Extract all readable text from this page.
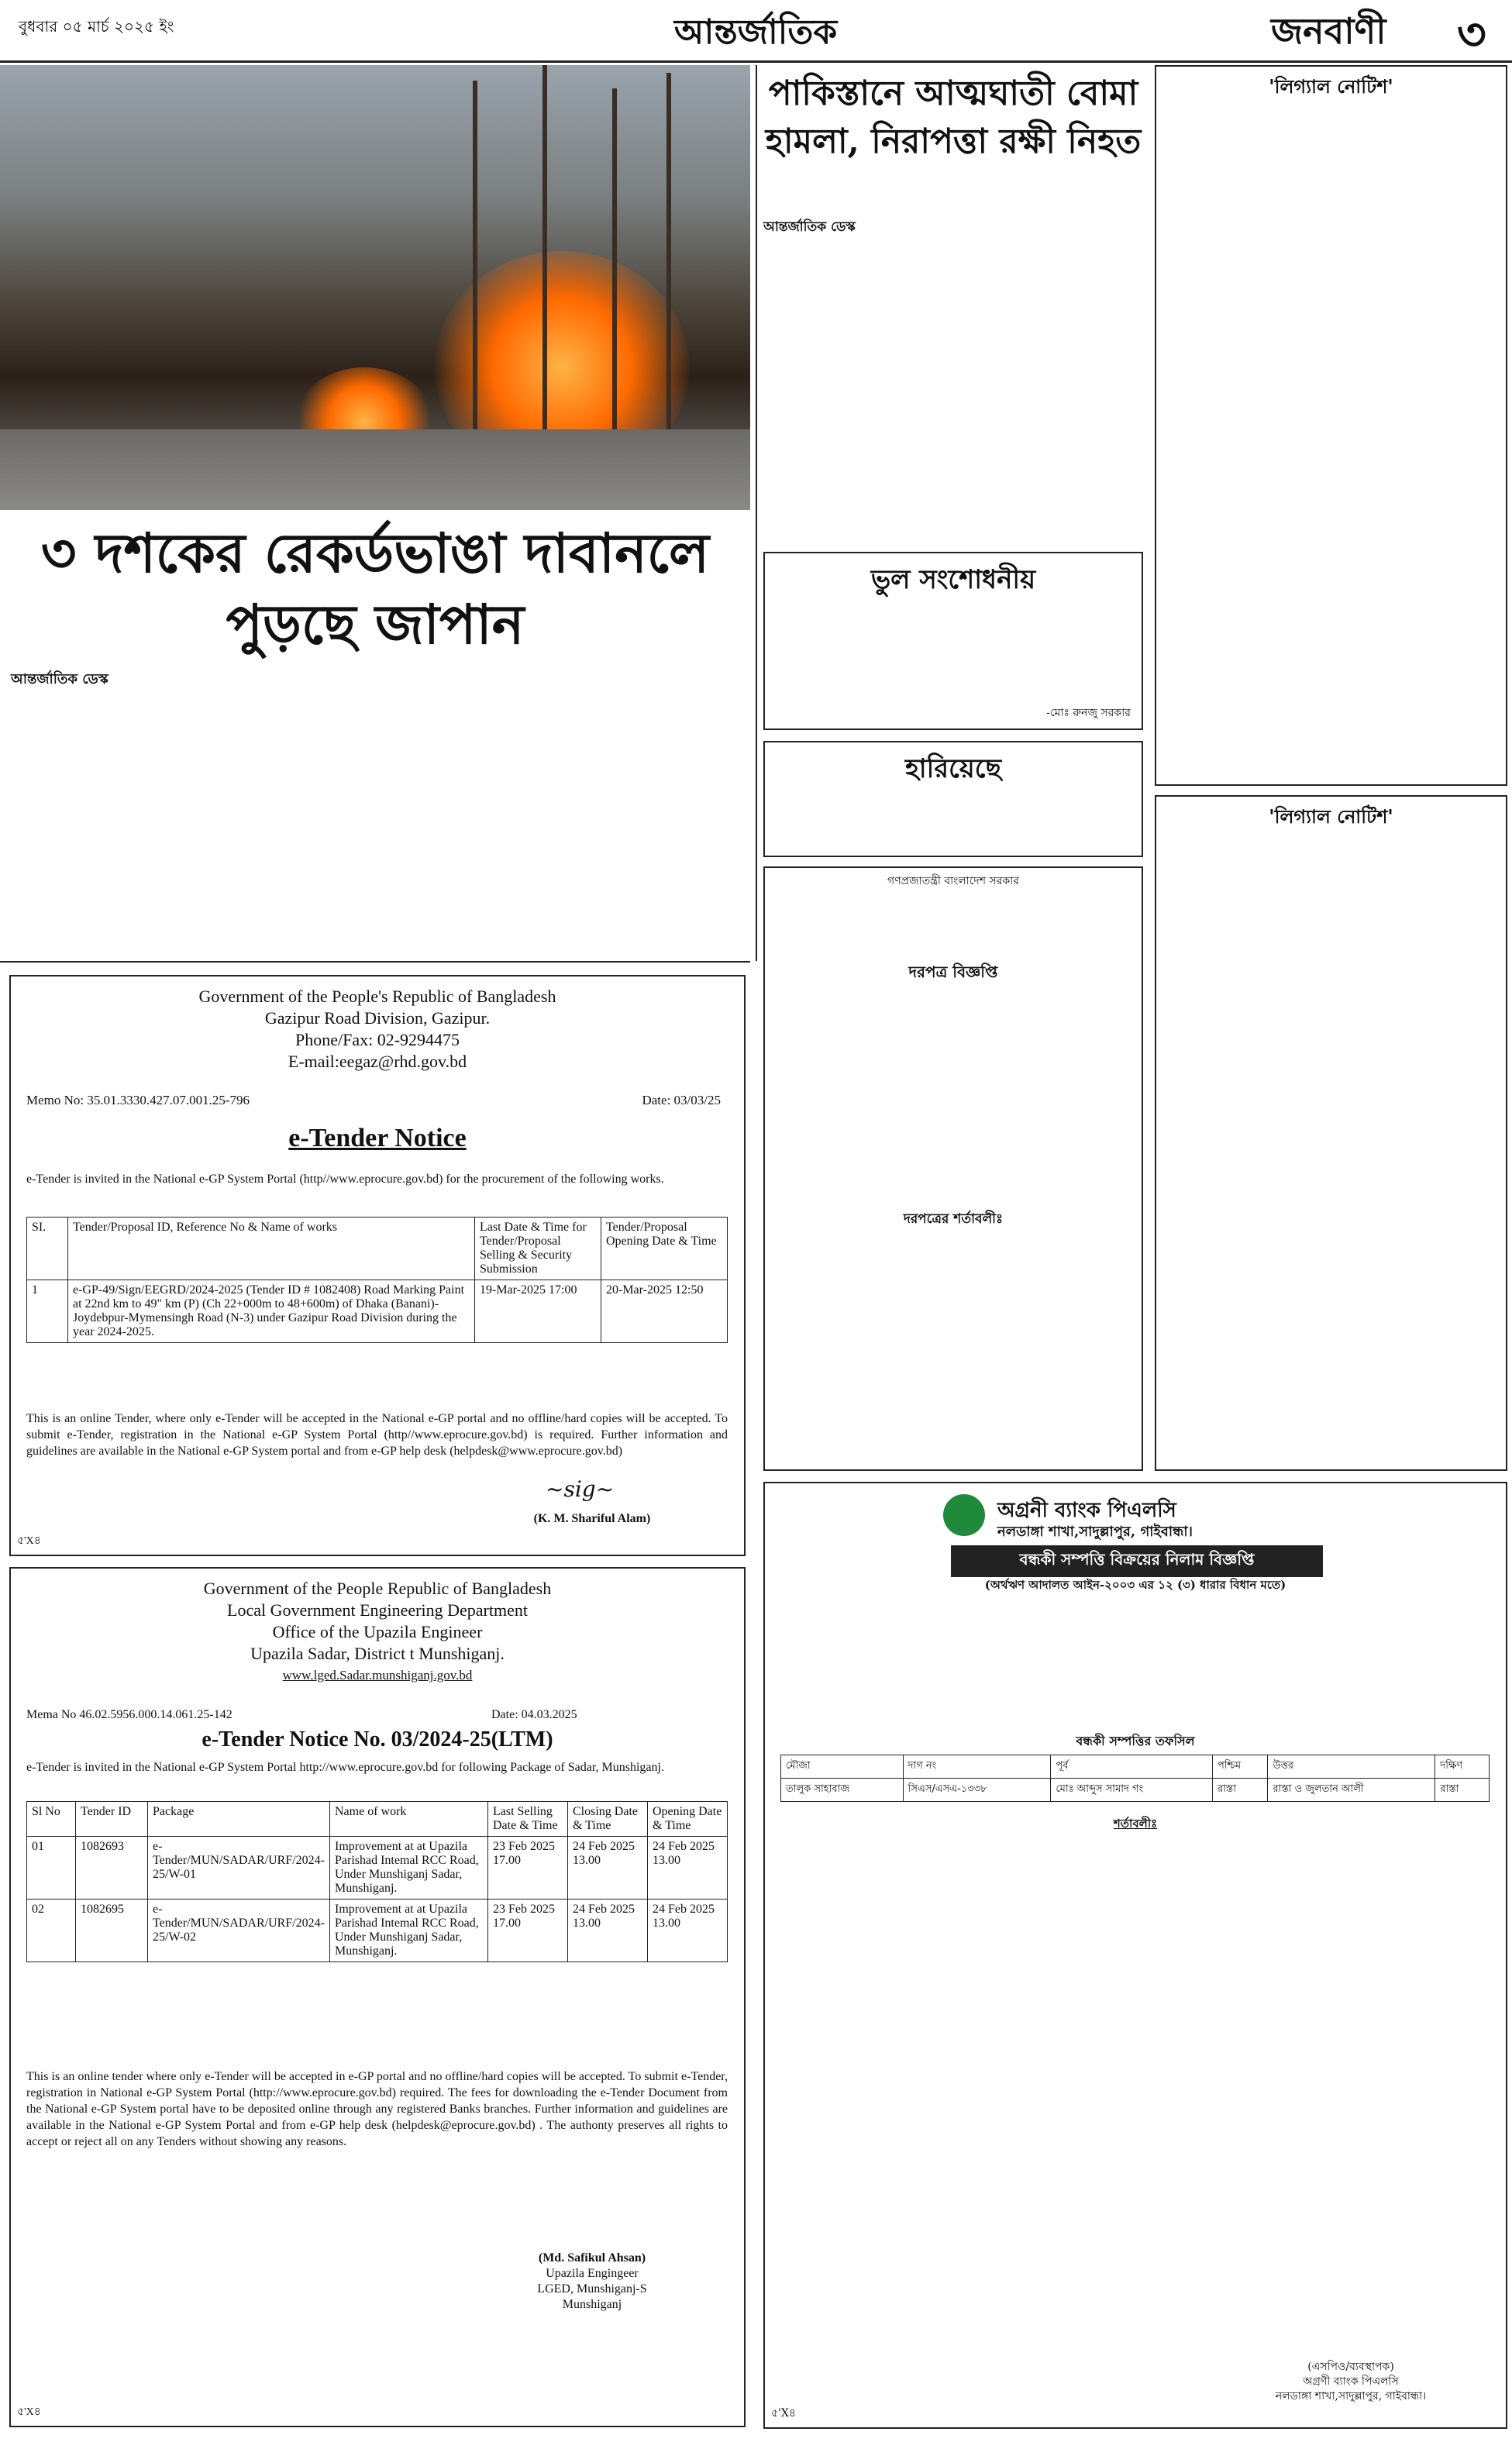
বুধবার ০৫ মার্চ ২০২৫ ইং	আন্তর্জাতিক	জনবাণী ৩
৩ দশকের রেকর্ডভাঙা দাবানলে
পুড়ছে জাপান
আন্তর্জাতিক ডেস্ক
পাকিস্তানে আত্মঘাতী বোমা
হামলা, নিরাপত্তা রক্ষী নিহত
আন্তর্জাতিক ডেস্ক
ভুল সংশোধনীয়
-মোঃ রুনজু সরকার
হারিয়েছে
গণপ্রজাতন্ত্রী বাংলাদেশ সরকার
দরপত্র বিজ্ঞপ্তি
দরপত্রের শর্তাবলীঃ
'লিগ্যাল নোটিশ'
'লিগ্যাল নোটিশ'
Government of the People's Republic of Bangladesh
Gazipur Road Division, Gazipur.
Phone/Fax: 02-9294475
E-mail:eegaz@rhd.gov.bd
Memo No: 35.01.3330.427.07.001.25-796	Date: 03/03/25
e-Tender Notice
e-Tender is invited in the National e-GP System Portal (http//www.eprocure.gov.bd) for the procurement of the following works.
SI.	Tender/Proposal ID, Reference No & Name of works	Last Date & Time for Tender/Proposal Selling & Security Submission	Tender/Proposal Opening Date & Time
1	e-GP-49/Sign/EEGRD/2024-2025 (Tender ID # 1082408) Road Marking Paint at 22nd km to 49" km (P) (Ch 22+000m to 48+600m) of Dhaka (Banani)-Joydebpur-Mymensingh Road (N-3) under Gazipur Road Division during the year 2024-2025.	19-Mar-2025 17:00	20-Mar-2025 12:50
This is an online Tender, where only e-Tender will be accepted in the National e-GP portal and no offline/hard copies will be accepted. To submit e-Tender, registration in the National e-GP System Portal (http//www.eprocure.gov.bd) is required. Further information and guidelines are available in the National e-GP System portal and from e-GP help desk (helpdesk@www.eprocure.gov.bd)
~sig~
(K. M. Shariful Alam)
৫'X৪
Government of the People Republic of Bangladesh
Local Government Engineering Department
Office of the Upazila Engineer
Upazila Sadar, District t Munshiganj.
www.lged.Sadar.munshiganj.gov.bd
Mema No 46.02.5956.000.14.061.25-142	Date: 04.03.2025
e-Tender Notice No. 03/2024-25(LTM)
e-Tender is invited in the National e-GP System Portal http://www.eprocure.gov.bd for following Package of Sadar, Munshiganj.
Sl No	Tender ID	Package	Name of work	Last Selling Date & Time	Closing Date & Time	Opening Date & Time
01	1082693	e-Tender/MUN/SADAR/URF/2024-25/W-01	Improvement at at Upazila Parishad Intemal RCC Road, Under Munshiganj Sadar, Munshiganj.	23 Feb 2025 17.00	24 Feb 2025 13.00	24 Feb 2025 13.00
02	1082695	e-Tender/MUN/SADAR/URF/2024-25/W-02	Improvement at at Upazila Parishad Intemal RCC Road, Under Munshiganj Sadar, Munshiganj.	23 Feb 2025 17.00	24 Feb 2025 13.00	24 Feb 2025 13.00
This is an online tender where only e-Tender will be accepted in e-GP portal and no offline/hard copies will be accepted. To submit e-Tender, registration in National e-GP System Portal (http://www.eprocure.gov.bd) required. The fees for downloading the e-Tender Document from the National e-GP System portal have to be deposited online through any registered Banks branches. Further information and guidelines are available in the National e-GP System Portal and from e-GP help desk (helpdesk@eprocure.gov.bd) . The authonty preserves all rights to accept or reject all on any Tenders without showing any reasons.
(Md. Safikul Ahsan)
Upazila Engingeer
LGED, Munshiganj-S
Munshiganj
৫'X৪
অগ্রনী ব্যাংক পিএলসি
নলডাঙ্গা শাখা,সাদুল্লাপুর, গাইবান্ধা।
বন্ধকী সম্পত্তি বিক্রয়ের নিলাম বিজ্ঞপ্তি
(অর্থঋণ আদালত আইন-২০০৩ এর ১২ (৩) ধারার বিধান মতে)
বন্ধকী সম্পত্তির তফসিল
মৌজা	দাগ নং	পূর্ব	পশ্চিম	উত্তর	দক্ষিণ
তালুক সাহাবাজ	সিএস/এসএ-১৩৩৮	মোঃ আব্দুস সামাদ গং	রাস্তা	রাস্তা ও জুলতান আলী	রাস্তা
শর্তাবলীঃ
(এসপিও/ব্যবস্থাপক)
অগ্রণী ব্যাংক পিএলসি
নলডাঙ্গা শাখা,সাদুল্লাপুর, গাইবান্ধা।
৫'X৪
